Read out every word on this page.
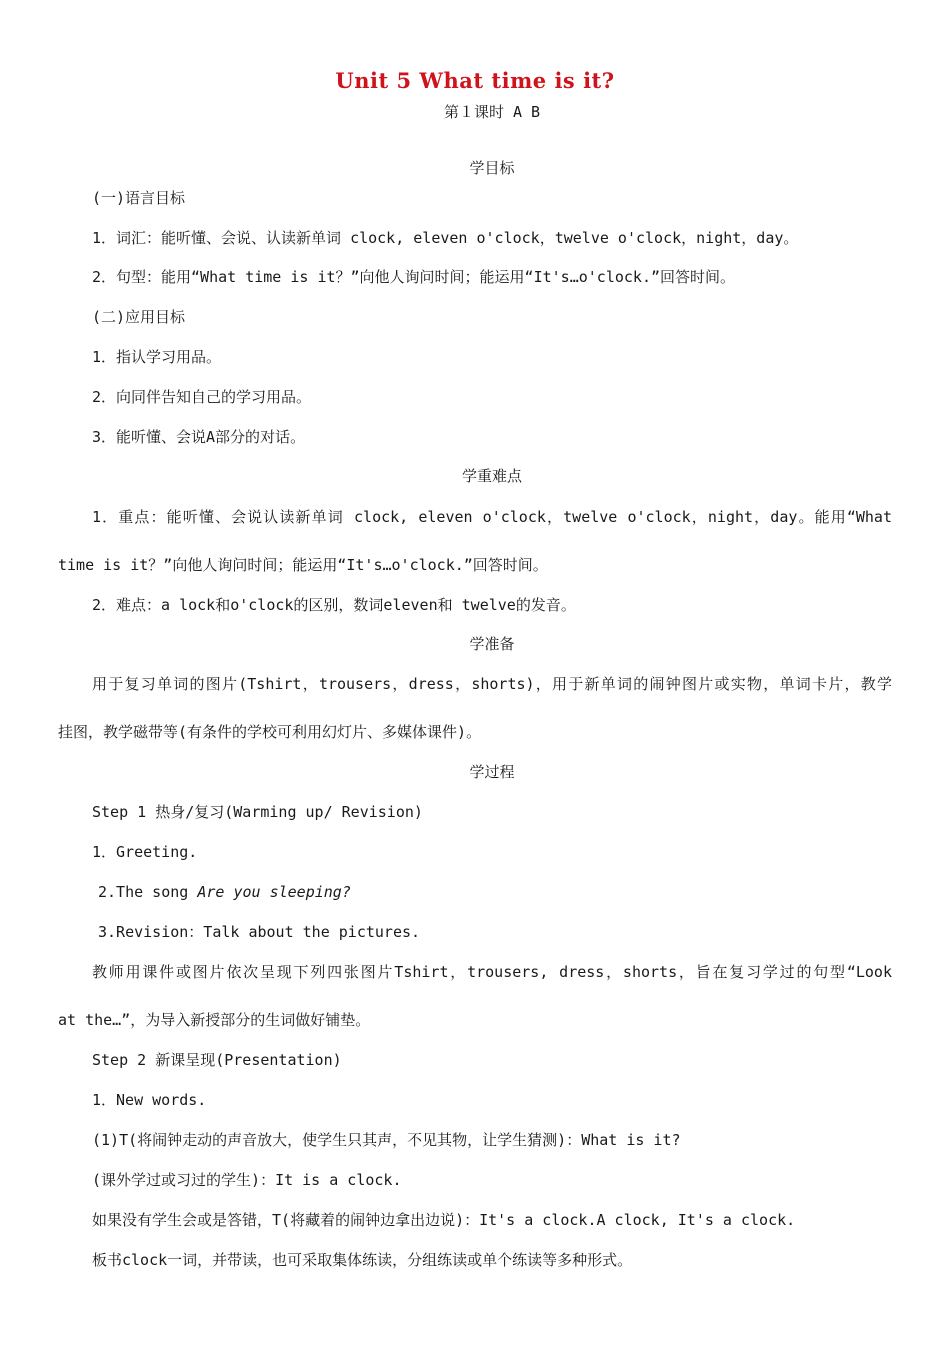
Unit 5 What time is it?
第１课时 A B
学目标
(一)语言目标
1．词汇：能听懂、会说、认读新单词 clock, eleven o'clock，twelve o'clock，night，day。
2．句型：能用“What time is it？”向他人询问时间；能运用“It's…o'clock.”回答时间。
(二)应用目标
1．指认学习用品。
2．向同伴告知自己的学习用品。
3．能听懂、会说A部分的对话。
学重难点
1．重点：能听懂、会说认读新单词 clock, eleven o'clock，twelve o'clock，night，day。能用“What
time is it？”向他人询问时间；能运用“It's…o'clock.”回答时间。
2．难点：a lock和o'clock的区别，数词eleven和 twelve的发音。
学准备
用于复习单词的图片(Tshirt，trousers，dress，shorts)，用于新单词的闹钟图片或实物，单词卡片，教学
挂图，教学磁带等(有条件的学校可利用幻灯片、多媒体课件)。
学过程
Step 1 热身/复习(Warming up/ Revision)
1．Greeting.
2.The song Are you sleeping?
3.Revision：Talk about the pictures.
教师用课件或图片依次呈现下列四张图片Tshirt，trousers, dress，shorts，旨在复习学过的句型“Look
at the…”，为导入新授部分的生词做好铺垫。
Step 2 新课呈现(Presentation)
1．New words.
(1)T(将闹钟走动的声音放大，使学生只其声，不见其物，让学生猜测)：What is it?
(课外学过或习过的学生)：It is a clock.
如果没有学生会或是答错，T(将藏着的闹钟边拿出边说)：It's a clock.A clock, It's a clock.
板书clock一词，并带读，也可采取集体练读，分组练读或单个练读等多种形式。
